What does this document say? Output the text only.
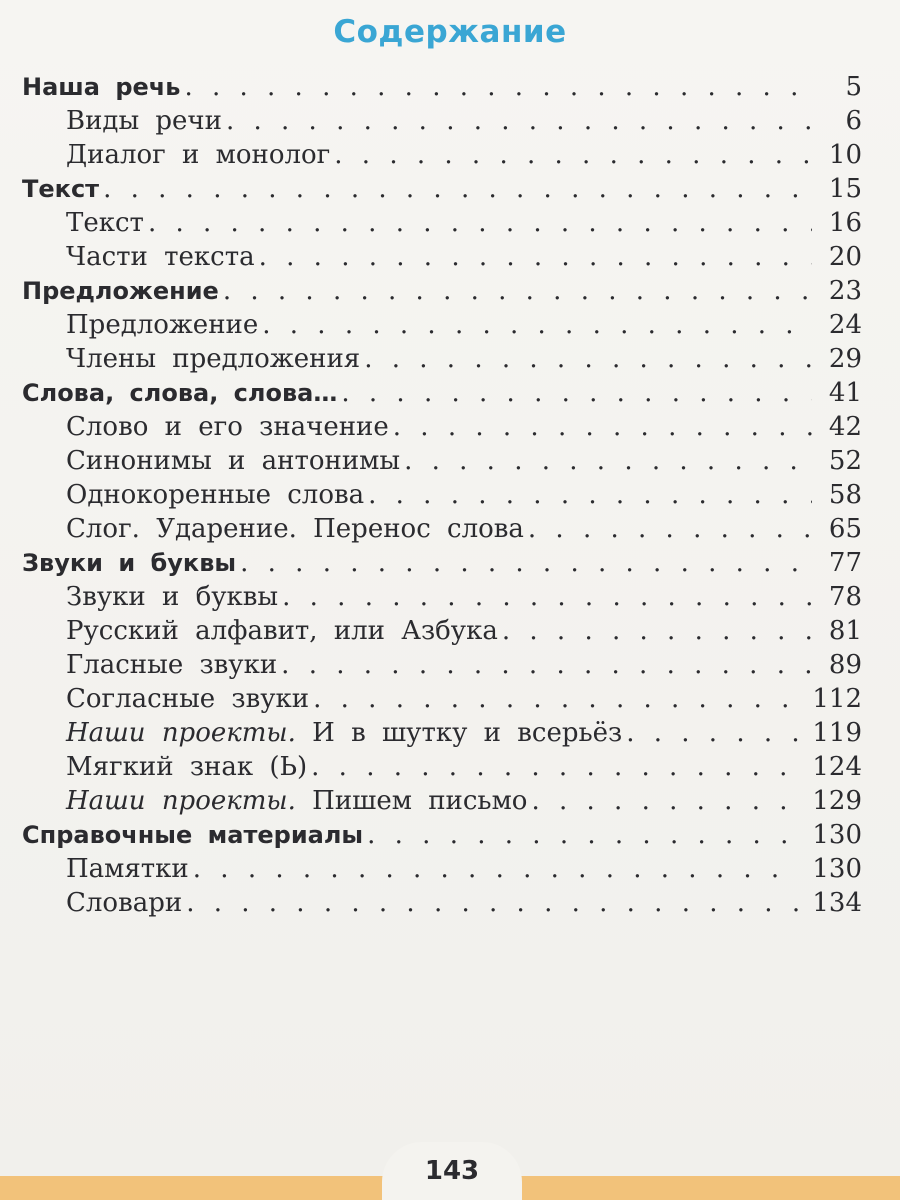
Содержание
Наша речь . . .	5
Виды речи . . .	6
Диалог и монолог . . .	10
Текст . . .	15
Текст . . .	16
Части текста . . .	20
Предложение . . .	23
Предложение . . .	24
Члены предложения . . .	29
Слова, слова, слова… . . .	41
Слово и его значение . . .	42
Синонимы и антонимы . . .	52
Однокоренные слова . . .	58
Слог. Ударение. Перенос слова . . .	65
Звуки и буквы . . .	77
Звуки и буквы . . .	78
Русский алфавит, или Азбука . . .	81
Гласные звуки . . .	89
Согласные звуки . . .	112
Наши проекты. И в шутку и всерьёз . . .	119
Мягкий знак (Ь) . . .	124
Наши проекты. Пишем письмо . . .	129
Справочные материалы . . .	130
Памятки . . .	130
Словари . . .	134
143
